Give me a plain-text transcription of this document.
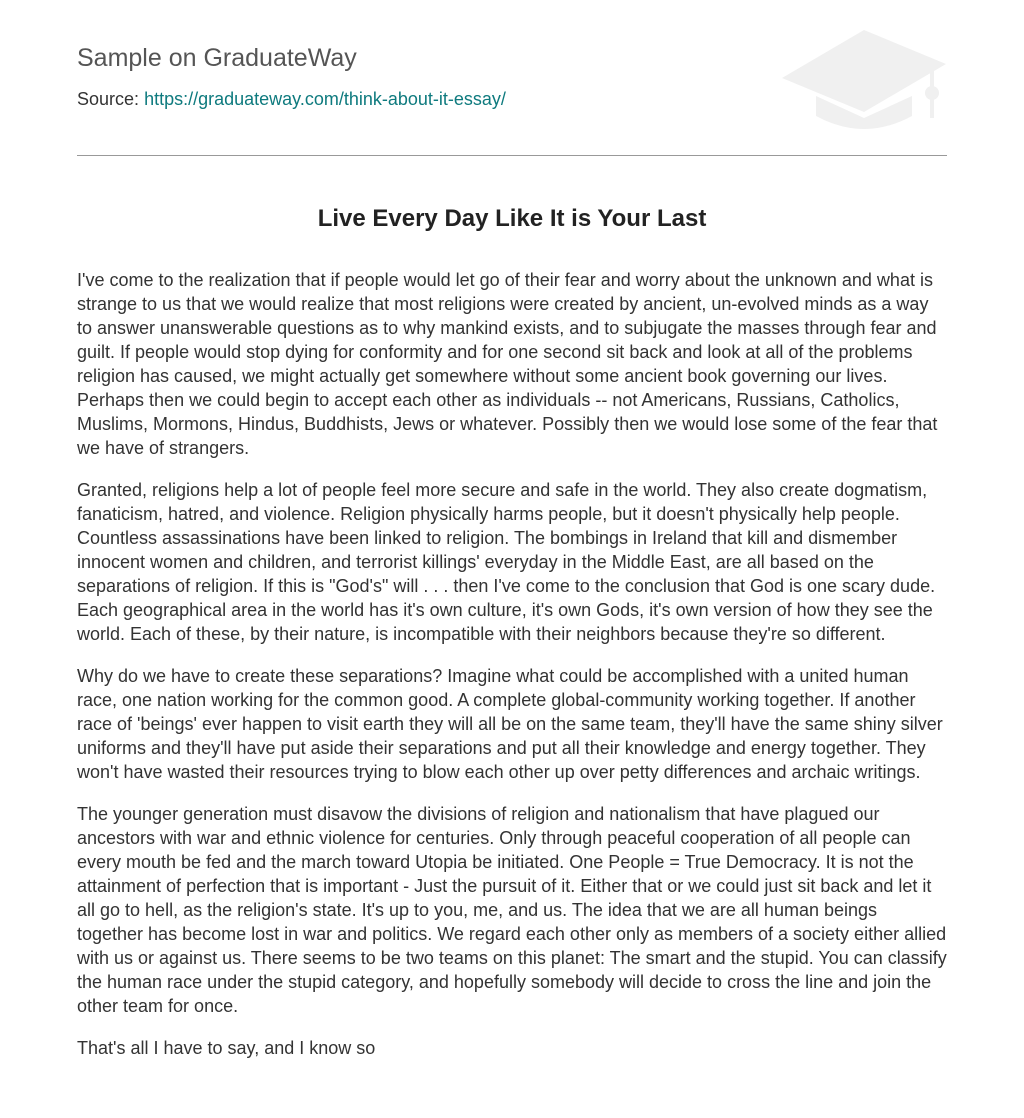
Sample on GraduateWay
Source: https://graduateway.com/think-about-it-essay/
Live Every Day Like It is Your Last

I've come to the realization that if people would let go of their fear and worry about the unknown and what is strange to us that we would realize that most religions were created by ancient, un-evolved minds as a way to answer unanswerable questions as to why mankind exists, and to subjugate the masses through fear and guilt. If people would stop dying for conformity and for one second sit back and look at all of the problems religion has caused, we might actually get somewhere without some ancient book governing our lives. Perhaps then we could begin to accept each other as individuals -- not Americans, Russians, Catholics, Muslims, Mormons, Hindus, Buddhists, Jews or whatever. Possibly then we would lose some of the fear that we have of strangers.

Granted, religions help a lot of people feel more secure and safe in the world. They also create dogmatism, fanaticism, hatred, and violence. Religion physically harms people, but it doesn't physically help people. Countless assassinations have been linked to religion. The bombings in Ireland that kill and dismember innocent women and children, and terrorist killings' everyday in the Middle East, are all based on the separations of religion. If this is "God's" will . . . then I've come to the conclusion that God is one scary dude. Each geographical area in the world has it's own culture, it's own Gods, it's own version of how they see the world. Each of these, by their nature, is incompatible with their neighbors because they're so different.

Why do we have to create these separations? Imagine what could be accomplished with a united human race, one nation working for the common good. A complete global-community working together. If another race of 'beings' ever happen to visit earth they will all be on the same team, they'll have the same shiny silver uniforms and they'll have put aside their separations and put all their knowledge and energy together. They won't have wasted their resources trying to blow each other up over petty differences and archaic writings.

The younger generation must disavow the divisions of religion and nationalism that have plagued our ancestors with war and ethnic violence for centuries. Only through peaceful cooperation of all people can every mouth be fed and the march toward Utopia be initiated. One People = True Democracy. It is not the attainment of perfection that is important - Just the pursuit of it. Either that or we could just sit back and let it all go to hell, as the religion's state. It's up to you, me, and us. The idea that we are all human beings together has become lost in war and politics. We regard each other only as members of a society either allied with us or against us. There seems to be two teams on this planet: The smart and the stupid. You can classify the human race under the stupid category, and hopefully somebody will decide to cross the line and join the other team for once.

That's all I have to say, and I know so
